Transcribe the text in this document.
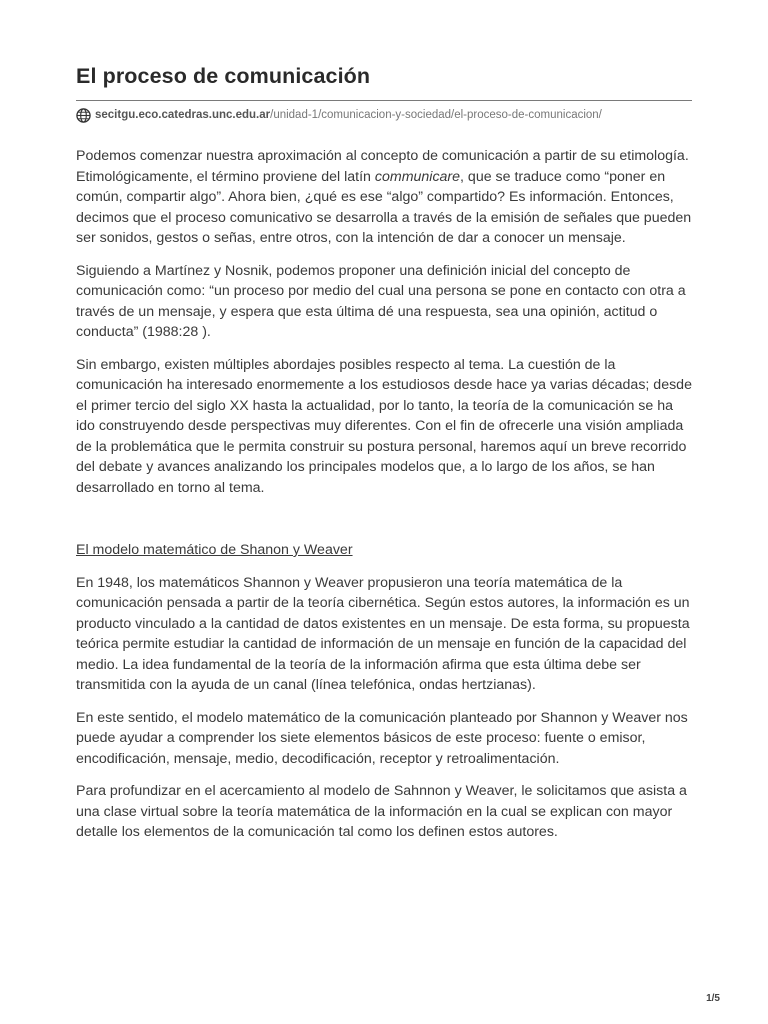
El proceso de comunicación
secitgu.eco.catedras.unc.edu.ar /unidad-1/comunicacion-y-sociedad/el-proceso-de-comunicacion/

Podemos comenzar nuestra aproximación al concepto de comunicación a partir de su etimología. Etimológicamente, el término proviene del latín communicare, que se traduce como “poner en común, compartir algo”. Ahora bien, ¿qué es ese “algo” compartido? Es información. Entonces, decimos que el proceso comunicativo se desarrolla a través de la emisión de señales que pueden ser sonidos, gestos o señas, entre otros, con la intención de dar a conocer un mensaje.

Siguiendo a Martínez y Nosnik, podemos proponer una definición inicial del concepto de comunicación como: “un proceso por medio del cual una persona se pone en contacto con otra a través de un mensaje, y espera que esta última dé una respuesta, sea una opinión, actitud o conducta” (1988:28 ).

Sin embargo, existen múltiples abordajes posibles respecto al tema. La cuestión de la comunicación ha interesado enormemente a los estudiosos desde hace ya varias décadas; desde el primer tercio del siglo XX hasta la actualidad, por lo tanto, la teoría de la comunicación se ha ido construyendo desde perspectivas muy diferentes. Con el fin de ofrecerle una visión ampliada de la problemática que le permita construir su postura personal, haremos aquí un breve recorrido del debate y avances analizando los principales modelos que, a lo largo de los años, se han desarrollado en torno al tema.

El modelo matemático de Shanon y Weaver

En 1948, los matemáticos Shannon y Weaver propusieron una teoría matemática de la comunicación pensada a partir de la teoría cibernética. Según estos autores, la información es un producto vinculado a la cantidad de datos existentes en un mensaje. De esta forma, su propuesta teórica permite estudiar la cantidad de información de un mensaje en función de la capacidad del medio. La idea fundamental de la teoría de la información afirma que esta última debe ser transmitida con la ayuda de un canal (línea telefónica, ondas hertzianas).

En este sentido, el modelo matemático de la comunicación planteado por Shannon y Weaver nos puede ayudar a comprender los siete elementos básicos de este proceso: fuente o emisor, encodificación, mensaje, medio, decodificación, receptor y retroalimentación.

Para profundizar en el acercamiento al modelo de Sahnnon y Weaver, le solicitamos que asista a una clase virtual sobre la teoría matemática de la información en la cual se explican con mayor detalle los elementos de la comunicación tal como los definen estos autores.

1/5
